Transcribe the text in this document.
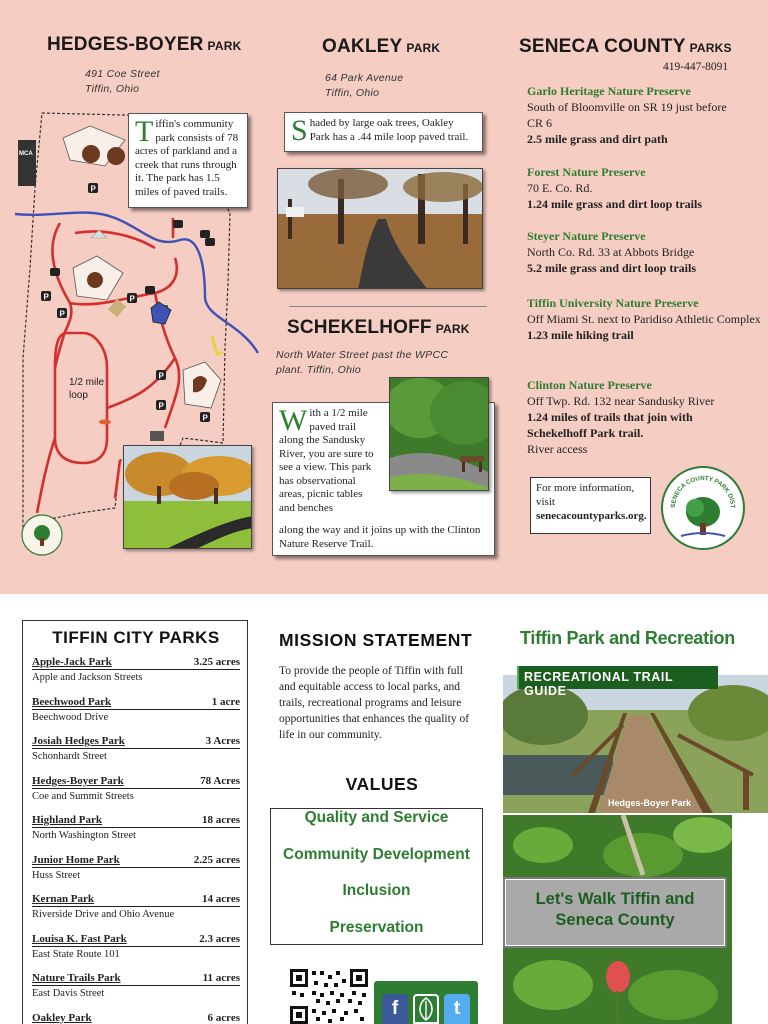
HEDGES-BOYER PARK
491 Coe Street
Tiffin, Ohio
MCA
1/2 mile loop
P
P
P
P
P
P
P
Tiffin's community park consists of 78 acres of parkland and a creek that runs through it. The park has 1.5 miles of paved trails.
OAKLEY PARK
64 Park Avenue
Tiffin, Ohio
Shaded by large oak trees, Oakley Park has a .44 mile loop paved trail.
SCHEKELHOFF PARK
North Water Street past the WPCC
plant. Tiffin, Ohio
With a 1/2 mile paved trail along the Sandusky River, you are sure to see a view. This park has observational areas, picnic tables and benches
along the way and it joins up with the Clinton Nature Reserve Trail.
SENECA COUNTY PARKS
419-447-8091
Garlo Heritage Nature Preserve
South of Bloomville on SR 19 just before CR 6
2.5 mile grass and dirt path
Forest Nature Preserve
70 E. Co. Rd.
1.24 mile grass and dirt loop trails
Steyer Nature Preserve
North Co. Rd. 33 at Abbots Bridge
5.2 mile grass and dirt loop trails
Tiffin University Nature Preserve
Off Miami St. next to Paridiso Athletic Complex
1.23 mile hiking trail
Clinton Nature Preserve
Off Twp. Rd. 132 near Sandusky River
1.24 miles of trails that join with Schekelhoff Park trail.
River access
For more information, visit
senecacountyparks.org.
SENECA COUNTY PARK DIST
TIFFIN CITY PARKS
Apple-Jack Park	3.25 acres
Apple and Jackson Streets
Beechwood Park	1 acre
Beechwood Drive
Josiah Hedges Park	3 Acres
Schonhardt Street
Hedges-Boyer Park	78 Acres
Coe and Summit Streets
Highland Park	18 acres
North Washington Street
Junior Home Park	2.25 acres
Huss Street
Kernan Park	14 acres
Riverside Drive and Ohio Avenue
Louisa K. Fast Park	2.3 acres
East State Route 101
Nature Trails Park	11 acres
East Davis Street
Oakley Park	6 acres
MISSION STATEMENT
To provide the people of Tiffin with full and equitable access to local parks, and trails, recreational programs and leisure opportunities that enhances the quality of life in our community.
VALUES
Quality and Service
Community Development
Inclusion
Preservation
f	t
Tiffin Park and Recreation
Hedges-Boyer Park
RECREATIONAL TRAIL GUIDE
Let's Walk Tiffin and
Seneca County
